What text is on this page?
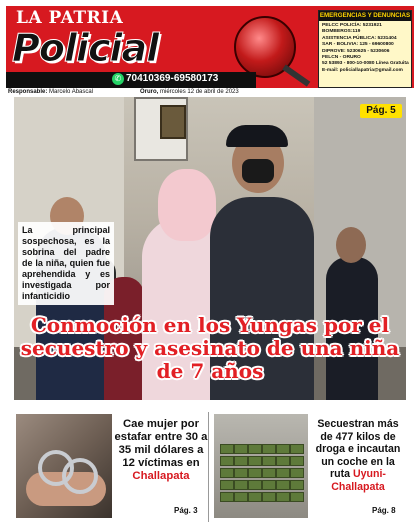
LA PATRIA
Policial
✆ 70410369-69580173
EMERGENCIAS Y DENUNCIAS
PELCC POLICÍA: 5231921
BOMBEROS:119
ASISTENCIA PÚBLICA: 5231404
SAR - BOLIVIA: 125 - 69600800
DIPROVE: 5230625 - 5230606
FELCN - ORURO
52 53893 - 800-10-0080 Línea Gratuita
E-mail: policiallapatria@gmail.com
Responsable: Marcelo Abascal	Oruro, miércoles 12 de abril de 2023
Pág. 5
La principal sospechosa, es la sobrina del padre de la niña, quien fue aprehendida y es investigada por infanticidio
Conmoción en los Yungas por el secuestro y asesinato de una niña de 7 años
Cae mujer por estafar entre 30 a 35 mil dólares a 12 víctimas en Challapata
Pág. 3
Secuestran más de 477 kilos de droga e incautan un coche en la ruta Uyuni-Challapata
Pág. 8
